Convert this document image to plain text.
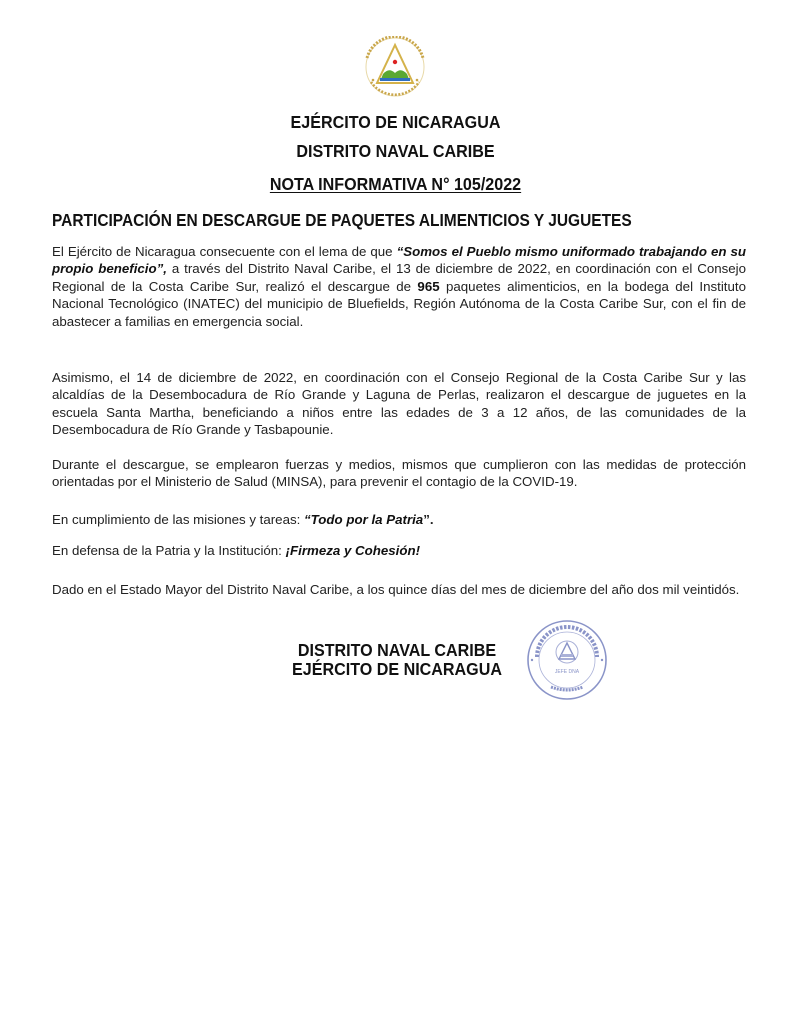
EJÉRCITO DE NICARAGUA
DISTRITO NAVAL CARIBE
NOTA INFORMATIVA N° 105/2022
PARTICIPACIÓN EN DESCARGUE DE PAQUETES ALIMENTICIOS Y JUGUETES
El Ejército de Nicaragua consecuente con el lema de que “Somos el Pueblo mismo uniformado trabajando en su propio beneficio”, a través del Distrito Naval Caribe, el 13 de diciembre de 2022, en coordinación con el Consejo Regional de la Costa Caribe Sur, realizó el descargue de 965 paquetes alimenticios, en la bodega del Instituto Nacional Tecnológico (INATEC) del municipio de Bluefields, Región Autónoma de la Costa Caribe Sur, con el fin de abastecer a familias en emergencia social.
Asimismo, el 14 de diciembre de 2022, en coordinación con el Consejo Regional de la Costa Caribe Sur y las alcaldías de la Desembocadura de Río Grande y Laguna de Perlas, realizaron el descargue de juguetes en la escuela Santa Martha, beneficiando a niños entre las edades de 3 a 12 años, de las comunidades de la Desembocadura de Río Grande y Tasbapounie.
Durante el descargue, se emplearon fuerzas y medios, mismos que cumplieron con las medidas de protección orientadas por el Ministerio de Salud (MINSA), para prevenir el contagio de la COVID-19.
En cumplimiento de las misiones y tareas: “Todo por la Patria”.
En defensa de la Patria y la Institución: ¡Firmeza y Cohesión!
Dado en el Estado Mayor del Distrito Naval Caribe, a los quince días del mes de diciembre del año dos mil veintidós.
DISTRITO NAVAL CARIBE
EJÉRCITO DE NICARAGUA	JEFE DNA
